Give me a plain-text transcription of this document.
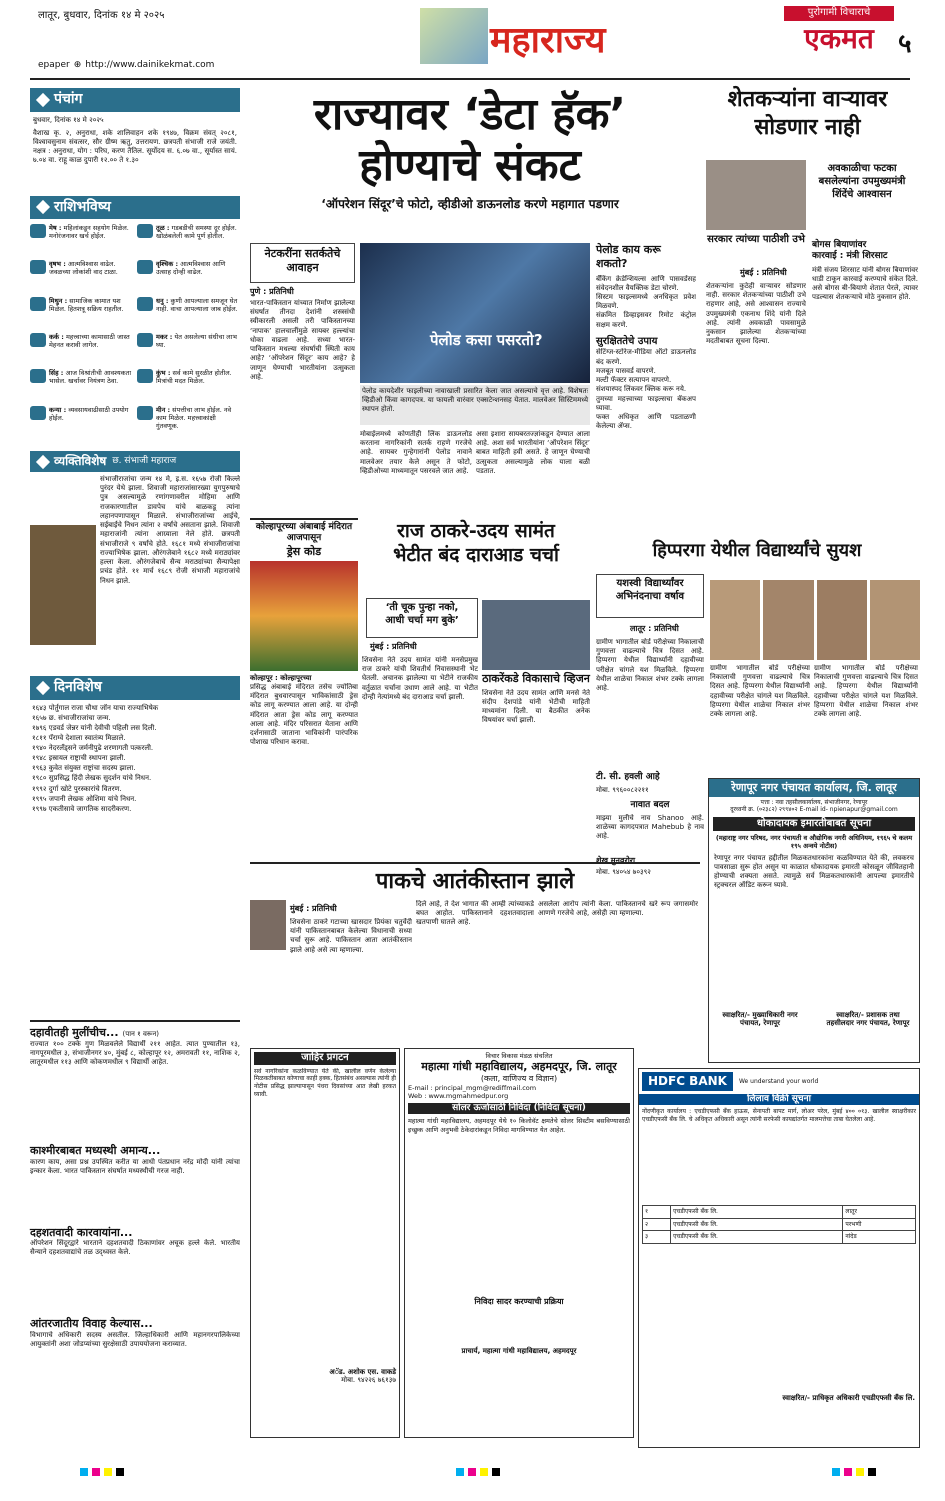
लातूर, बुधवार, दिनांक १४ मे २०२५
epaper ⊕ http://www.dainikekmat.com
महाराज्य
पुरोगामी विचाराचे
एकमत ५
पंचांग
बुधवार, दिनांक १४ मे २०२५
वैशाख कृ. २, अनुराधा, शके शालिवाहन शके १९४७, विक्रम संवत् २०८१, विश्वावसुनाम संवत्सर, सौर ग्रीष्म ऋतु, उत्तरायण. छत्रपती संभाजी राजे जयंती. नक्षत्र : अनुराधा, योग : परिघ, करण तैतिल. सूर्योदय स. ६.०७ वा., सूर्यास्त सायं. ७.०४ वा. राहू काळ दुपारी १२.०० ते १.३०
राशिभविष्य
मेष : महिलांकडून सहयोग मिळेल. मनोरंजनावर खर्च होईल.
तूळ : गडबडीची समस्या दूर होईल. खोळंबलेली कामे पूर्ण होतील.
वृषभ : आत्मविश्वास वाढेल. जवळच्या लोकांशी वाद टाळा.
वृश्चिक : आत्मविश्वास आणि उत्साह दोन्ही वाढेल.
मिथुन : सामाजिक कामात यश मिळेल. हितशत्रू सक्रिय राहतील.
धनु : कुणी आपल्याला समजून घेत नाही. वाचा आपल्याला जाब होईल.
कर्क : महत्त्वाच्या कामासाठी जास्त मेहनत करावी लागेल.
मकर : येत असलेल्या संधीचा लाभ घ्या.
सिंह : आज विश्रांतीची आवश्यकता भासेल. खर्चावर नियंत्रण ठेवा.
कुंभ : सर्व कामे सुरळीत होतील. मित्रांची मदत मिळेल.
कन्या : व्यवसायवाढीसाठी उपयोग होईल.
मीन : संपत्तीचा लाभ होईल. नवे काम मिळेल. महत्त्वाकांक्षी गुंतवणूक.
व्यक्तिविशेष छ. संभाजी महाराज
संभाजीराजांचा जन्म १४ मे, इ.स. १६५७ रोजी किल्ले पुरंदर येथे झाला. शिवाजी महाराजांसारख्या युगपुरुषाचे पुत्र असल्यामुळे रणांगणावरील मोहिमा आणि राजकारणातील डावपेच यांचे बाळकडू त्यांना लहानपणापासून मिळाले. संभाजीराजांच्या आईचे, सईबाईंचे निधन त्यांना २ वर्षांचे असताना झाले. शिवाजी महाराजांनी त्यांना आग्र्याला नेले होते. छत्रपती संभाजीराजे ९ वर्षांचे होते. १६८१ मध्ये संभाजीराजांचा राज्याभिषेक झाला. औरंगजेबाने १६८२ मध्ये मराठ्यांवर हल्ला केला. औरंगजेबाचे सैन्य मराठ्यांच्या सैन्यापेक्षा प्रचंड होते. ११ मार्च १६८९ रोजी संभाजी महाराजांचे निधन झाले.
दिनविशेष
१६४३ पोर्तुगाल राजा चौथा जॉन याचा राज्याभिषेक
१६५७ छ. संभाजीराजांचा जन्म.
१७९६ एडवर्ड जेन्नर यांनी देवीची पहिली लस दिली.
१८११ पॅराग्वे देशाला स्वातंत्र्य मिळाले.
१९४० नेदरलँड्सने जर्मनीपुढे शरणागती पत्करली.
१९४८ इस्रायल राष्ट्राची स्थापना झाली.
१९६३ कुवेत संयुक्त राष्ट्रांचा सदस्य झाला.
१९८० सुप्रसिद्ध हिंदी लेखक सुदर्शन यांचे निधन.
१९९२ दुर्गा खोटे पुरस्कारांचे वितरण.
१९९५ जपानी लेखक ओशिमा यांचे निधन.
१९९७ एकतीसावे जागतिक सादरीकरण.
राज्यावर ‘डेटा हॅक’
होण्याचे संकट
‘ऑपरेशन सिंदूर’चे फोटो, व्हीडीओ डाऊनलोड करणे महागात पडणार
नेटकरींना सतर्कतेचे आवाहन
पुणे : प्रतिनिधी
भारत-पाकिस्तान यांच्यात निर्माण झालेल्या संघर्षात तीनदा देशांनी शस्त्रसंधी स्वीकारली असली तरी पाकिस्तानच्या ‘नापाक’ हालचालींमुळे सायबर हल्ल्यांचा धोका वाढला आहे. सध्या भारत-पाकिस्तान मधल्या संघर्षाची स्थिती काय आहे? ‘ऑपरेशन सिंदूर’ काय आहे? हे जाणून घेण्याची भारतीयांना उत्सुकता आहे.
पेलोड कसा पसरतो?
पेलोड कायदेशीर फाइलीच्या नावाखाली प्रसारित केला जात असल्याचे वृत्त आहे. विशेषतः व्हिडीओ किंवा कागदपत्र. या फायली वारंवार एक्सटेन्शनसह येतात. मालवेअर सिस्टिममध्ये स्थापन होतो.
मोबाईलमध्ये कोणतीही लिंक डाऊनलोड करताना नागरिकांनी सतर्क राहणे गरजेचे आहे. सायबर गुन्हेगारांनी पेलोड नावाने मालवेअर तयार केले असून ते फोटो, व्हिडीओच्या माध्यमातून पसरवले जात आहे.
असा इशारा सायबरतज्ज्ञांकडून देण्यात आला आहे. अशा सर्व भारतीयांना ‘ऑपरेशन सिंदूर’ बाबत माहिती हवी असते. हे जाणून घेण्याची उत्सुकता असल्यामुळे लोक याला बळी पडतात.
पेलोड काय करू शकतो?
बँकिंग क्रेडेन्शियल्स आणि पासवर्डसह संवेदनशील वैयक्तिक डेटा चोरणे.
सिस्टम फाइल्समध्ये अनधिकृत प्रवेश मिळवणे.
संक्रमित डिव्हाइसवर रिमोट कंट्रोल सक्षम करणे.
सुरक्षिततेचे उपाय
सेटिंग्ज-स्टोरेज-मीडिया ऑटो डाऊनलोड बंद करणे.
मजबूत पासवर्ड वापरणे.
मल्टी फॅक्टर सत्यापन वापरणे.
संशयास्पद लिंकवर क्लिक करू नये.
तुमच्या महत्त्वाच्या फाइल्सचा बॅकअप घ्यावा.
फक्त अधिकृत आणि पडताळणी केलेल्या ॲप्स.
शेतकऱ्यांना वाऱ्यावर
सोडणार नाही
अवकाळीचा फटका बसलेल्यांना उपमुख्यमंत्री शिंदेंचे आश्वासन
सरकार त्यांच्या पाठीशी उभे
मुंबई : प्रतिनिधी
शेतकऱ्यांना कुठेही वाऱ्यावर सोडणार नाही. सरकार शेतकऱ्यांच्या पाठीशी उभे राहणार आहे, असे आश्वासन राज्याचे उपमुख्यमंत्री एकनाथ शिंदे यांनी दिले आहे. त्यांनी अवकाळी पावसामुळे नुकसान झालेल्या शेतकऱ्यांच्या मदतीबाबत सूचना दिल्या.
बोगस बियाणांवर
कारवाई : मंत्री शिरसाट
मंत्री संजय शिरसाट यांनी बोगस बियाणांवर धाडी टाकून कारवाई करण्याचे संकेत दिले. असे बोगस बी-बियाणे शेतात पेरले, त्यावर पडल्यास शेतकऱ्याचे मोठे नुकसान होते.
कोल्हापूरच्या अंबाबाई मंदिरात आजपासून
ड्रेस कोड
कोल्हापूर : कोल्हापूरच्या
प्रसिद्ध अंबाबाई मंदिरात तसेच ज्योतिबा मंदिरात बुधवारपासून भाविकांसाठी ड्रेस कोड लागू करण्यात आला आहे. या दोन्ही मंदिरात आता ड्रेस कोड लागू करण्यात आला आहे. मंदिर परिसरात येताना आणि दर्शनासाठी जाताना भाविकांनी पारंपरिक पोशाख परिधान करावा.
राज ठाकरे-उदय सामंत
भेटीत बंद दाराआड चर्चा
‘ती चूक पुन्हा नको,
आधी चर्चा मग बुके’
मुंबई : प्रतिनिधी
शिवसेना नेते उदय सामंत यांनी मनसेप्रमुख राज ठाकरे यांची शिवतीर्थ निवासस्थानी भेट घेतली. अचानक झालेल्या या भेटीने राजकीय वर्तुळात चर्चांना उधाण आले आहे. या भेटीत दोन्ही नेत्यांमध्ये बंद दाराआड चर्चा झाली.
ठाकरेंकडे विकासाचे व्हिजन
शिवसेना नेते उदय सामंत आणि मनसे नेते संदीप देशपांडे यांनी भेटीची माहिती माध्यमांना दिली. या बैठकीत अनेक विषयांवर चर्चा झाली.
हिप्परगा येथील विद्यार्थ्यांचे सुयश
यशस्वी विद्यार्थ्यांवर अभिनंदनाचा वर्षाव
लातूर : प्रतिनिधी
ग्रामीण भागातील बोर्ड परीक्षेच्या निकालाची गुणवत्ता वाढल्याचे चित्र दिसत आहे. हिप्परगा येथील विद्यार्थ्यांनी दहावीच्या परीक्षेत चांगले यश मिळविले. हिप्परगा येथील शाळेचा निकाल शंभर टक्के लागला आहे.
ग्रामीण भागातील बोर्ड परीक्षेच्या निकालाची गुणवत्ता वाढल्याचे चित्र दिसत आहे. हिप्परगा येथील विद्यार्थ्यांनी दहावीच्या परीक्षेत चांगले यश मिळविले. हिप्परगा येथील शाळेचा निकाल शंभर टक्के लागला आहे.
ग्रामीण भागातील बोर्ड परीक्षेच्या निकालाची गुणवत्ता वाढल्याचे चित्र दिसत आहे. हिप्परगा येथील विद्यार्थ्यांनी दहावीच्या परीक्षेत चांगले यश मिळविले. हिप्परगा येथील शाळेचा निकाल शंभर टक्के लागला आहे.
टी. सी. हवली आहे
मोबा. ९९६००८२२११
नावात बदल
माझ्या मुलीचे नाव Shanoo आहे. शाळेच्या कागदपत्रात Mahebub हे नाव आहे.
शेख मुनवरोरा
मोबा. ९४०५४ ७०३९२
रेणापूर नगर पंचायत कार्यालय, जि. लातूर
पत्ता : नवा तहसीलकार्यालय, संभाजीनगर, रेणापूर
दूरध्वनी क्र. (०२३८२) २९९४०२ E-mail id- npienapur@gmail.com
धोकादायक इमारतीबाबत सूचना
(महाराष्ट्र नगर परिषद, नगर पंचायती व औद्योगिक नगरी अधिनियम, १९६५ चे कलम १९५ अन्वये नोटीस)
रेणापूर नगर पंचायत हद्दीतील मिळकतधारकांना कळविण्यात येते की, लवकरच पावसाळा सुरू होत असून या काळात धोकादायक इमारती कोसळून जीवितहानी होण्याची शक्यता असते. त्यामुळे सर्व मिळकतधारकांनी आपल्या इमारतीचे स्ट्रक्चरल ऑडिट करून घ्यावे.
स्वाक्षरित/- मुख्याधिकारी नगर पंचायत, रेणापूर
स्वाक्षरित/- प्रशासक तथा तहसीलदार नगर पंचायत, रेणापूर
पाकचे आतंकीस्तान झाले
मुंबई : प्रतिनिधी
शिवसेना ठाकरे गटाच्या खासदार प्रियंका चतुर्वेदी यांनी पाकिस्तानबाबत केलेल्या विधानाची सध्या चर्चा सुरू आहे. पाकिस्तान आता आतंकीस्तान झाले आहे असे त्या म्हणाल्या.
दिले आहे, ते देश भागात की आम्ही त्यांच्याकडे बघत आहोत. पाकिस्तानाने दहशतवादाला खतपाणी घातले आहे.
असलेला आरोप त्यांनी केला. पाकिस्तानचे खरे रूप जगासमोर आणणे गरजेचे आहे, असेही त्या म्हणाल्या.
दहावीतही मुलींचीच... (पान १ वरून)
राज्यात १०० टक्के गुण मिळवलेले विद्यार्थी २११ आहेत. त्यात पुण्यातील १३, नागपूरमधील ३, संभाजीनगर ४०, मुंबई ८, कोल्हापूर १२, अमरावती ११, नाशिक २, लातूरमधील ११३ आणि कोकणमधील ९ विद्यार्थी आहेत.
काश्मीरबाबत मध्यस्थी अमान्य...
कारण काय, असा प्रश्न उपस्थित करीत या आधी पंतप्रधान नरेंद्र मोदी यांनी त्यांचा इन्कार केला. भारत पाकिस्तान संघर्षात मध्यस्थीची गरज नाही.
दहशतवादी कारवायांना...
ऑपरेशन सिंदूरद्वारे भारताने दहशतवादी ठिकाणांवर अचूक हल्ले केले. भारतीय सैन्याने दहशतवाद्यांचे तळ उद्ध्वस्त केले.
आंतरजातीय विवाह केल्यास...
विभागाचे अधिकारी सदस्य असतील. जिल्हाधिकारी आणि महानगरपालिकेच्या आयुक्तांनी अशा जोडप्यांच्या सुरक्षेसाठी उपाययोजना कराव्यात.
जाहिर प्रगटन
सर्व नागरिकांना कळविण्यात येते की, खालील वर्णन केलेल्या मिळकतीबाबत कोणाचा काही हक्क, हितसंबंध असल्यास त्यांनी ही नोटीस प्रसिद्ध झाल्यापासून पंधरा दिवसांच्या आत लेखी हरकत घ्यावी.
अॅड. अशोक एस. वाकडे
मोबा. ९४२२६ ७६१३७
विचार विकास मंडळ संचलित
महात्मा गांधी महाविद्यालय, अहमदपूर, जि. लातूर
(कला, वाणिज्य व विज्ञान)
E-mail : principal_mgm@rediffmail.com
Web : www.mgmahmedpur.org
सोलर ऊर्जासाठी निविदा (निविदा सूचना)
महात्मा गांधी महाविद्यालय, अहमदपूर येथे १० किलोवॅट क्षमतेचे सोलर सिस्टीम बसविण्यासाठी इच्छुक आणि अनुभवी ठेकेदारांकडून निविदा मागविण्यात येत आहेत.
निविदा सादर करण्याची प्रक्रिया
प्राचार्य, महात्मा गांधी महाविद्यालय, अहमदपूर
HDFC BANK	We understand your world
लिलाव विक्री सूचना
नोंदणीकृत कार्यालय : एचडीएफसी बँक हाऊस, सेनापती बापट मार्ग, लोअर परेल, मुंबई ४०० ०१३. खालील स्वाक्षरीकार एचडीएफसी बँक लि. चे अधिकृत अधिकारी असून त्यांनी सरफेसी कायद्यांतर्गत मालमत्तेचा ताबा घेतलेला आहे.
१	एचडीएफसी बँक लि.	लातूर
२	एचडीएफसी बँक लि.	परभणी
३	एचडीएफसी बँक लि.	नांदेड
स्वाक्षरित/- प्राधिकृत अधिकारी एचडीएफसी बँक लि.
